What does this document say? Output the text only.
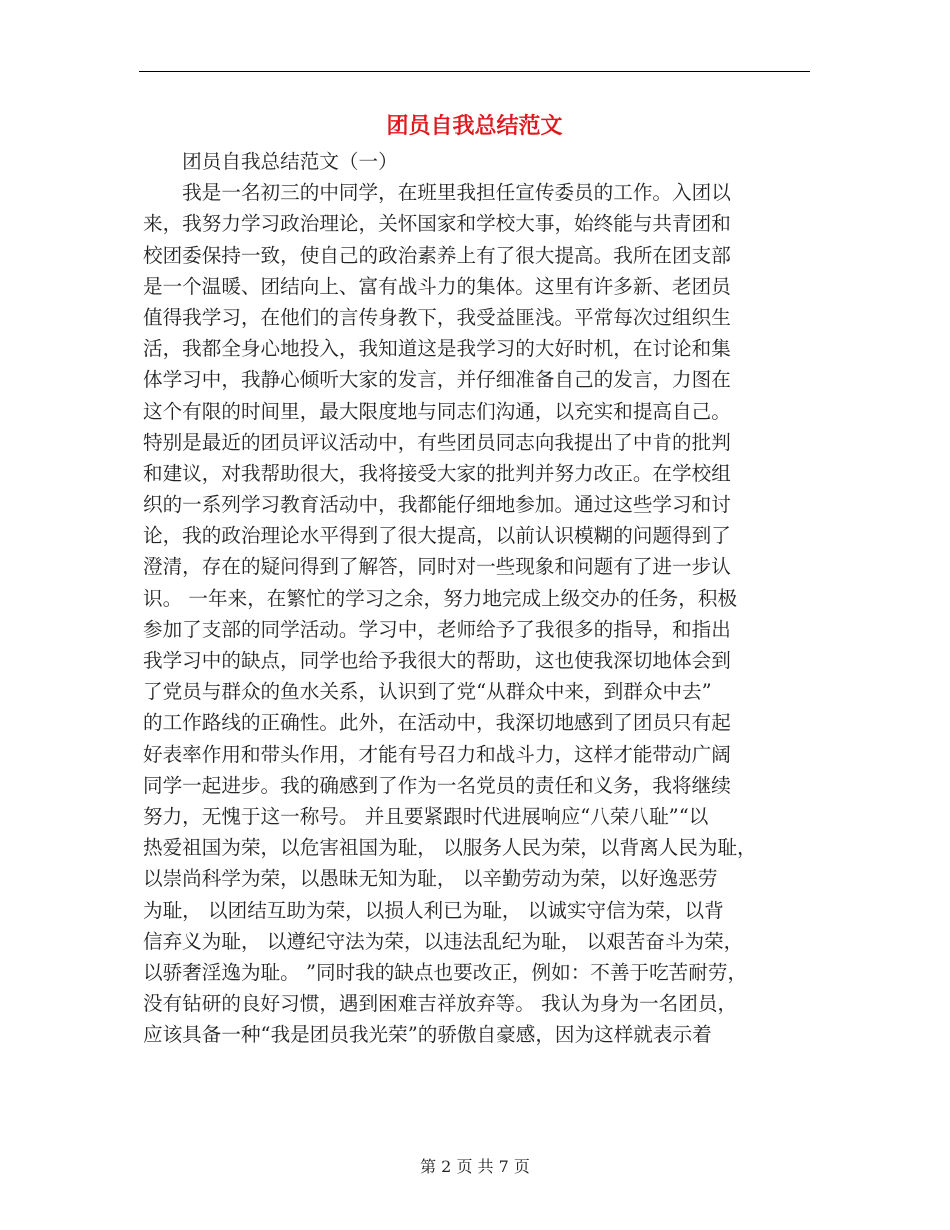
团员自我总结范文
　　团员自我总结范文（一）
　　我是一名初三的中同学，在班里我担任宣传委员的工作。入团以
来，我努力学习政治理论，关怀国家和学校大事，始终能与共青团和
校团委保持一致，使自己的政治素养上有了很大提高。我所在团支部
是一个温暖、团结向上、富有战斗力的集体。这里有许多新、老团员
值得我学习，在他们的言传身教下，我受益匪浅。平常每次过组织生
活，我都全身心地投入，我知道这是我学习的大好时机，在讨论和集
体学习中，我静心倾听大家的发言，并仔细准备自己的发言，力图在
这个有限的时间里，最大限度地与同志们沟通，以充实和提高自己。
特别是最近的团员评议活动中，有些团员同志向我提出了中肯的批判
和建议，对我帮助很大，我将接受大家的批判并努力改正。在学校组
织的一系列学习教育活动中，我都能仔细地参加。通过这些学习和讨
论，我的政治理论水平得到了很大提高，以前认识模糊的问题得到了
澄清，存在的疑问得到了解答，同时对一些现象和问题有了进一步认
识。 一年来，在繁忙的学习之余，努力地完成上级交办的任务，积极
参加了支部的同学活动。学习中，老师给予了我很多的指导，和指出
我学习中的缺点，同学也给予我很大的帮助，这也使我深切地体会到
了党员与群众的鱼水关系，认识到了党“从群众中来，到群众中去”
的工作路线的正确性。此外，在活动中，我深切地感到了团员只有起
好表率作用和带头作用，才能有号召力和战斗力，这样才能带动广阔
同学一起进步。我的确感到了作为一名党员的责任和义务，我将继续
努力，无愧于这一称号。 并且要紧跟时代进展响应“八荣八耻”“以
热爱祖国为荣，以危害祖国为耻， 以服务人民为荣，以背离人民为耻，
以崇尚科学为荣，以愚昧无知为耻， 以辛勤劳动为荣，以好逸恶劳
为耻， 以团结互助为荣，以损人利已为耻， 以诚实守信为荣，以背
信弃义为耻， 以遵纪守法为荣，以违法乱纪为耻， 以艰苦奋斗为荣，
以骄奢淫逸为耻。 ”同时我的缺点也要改正，例如：不善于吃苦耐劳，
没有钻研的良好习惯，遇到困难吉祥放弃等。 我认为身为一名团员，
应该具备一种“我是团员我光荣”的骄傲自豪感，因为这样就表示着
第 2 页 共 7 页
